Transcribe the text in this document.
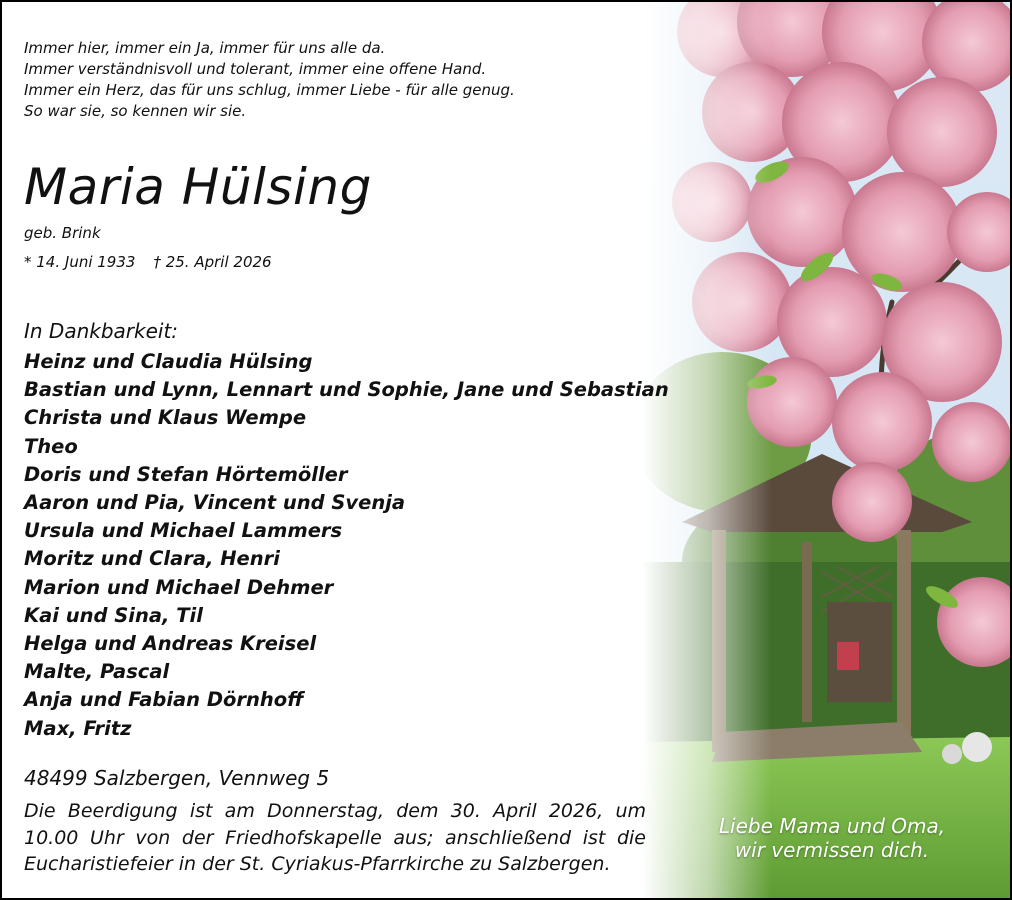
Immer hier, immer ein Ja, immer für uns alle da.
Immer verständnisvoll und tolerant, immer eine offene Hand.
Immer ein Herz, das für uns schlug, immer Liebe - für alle genug.
So war sie, so kennen wir sie.
Maria Hülsing
geb. Brink
* 14. Juni 1933 † 25. April 2026
In Dankbarkeit:
Heinz und Claudia Hülsing
Bastian und Lynn, Lennart und Sophie, Jane und Sebastian
Christa und Klaus Wempe
Theo
Doris und Stefan Hörtemöller
Aaron und Pia, Vincent und Svenja
Ursula und Michael Lammers
Moritz und Clara, Henri
Marion und Michael Dehmer
Kai und Sina, Til
Helga und Andreas Kreisel
Malte, Pascal
Anja und Fabian Dörnhoff
Max, Fritz
48499 Salzbergen, Vennweg 5
Die Beerdigung ist am Donnerstag, dem 30. April 2026, um
10.00 Uhr von der Friedhofskapelle aus; anschließend ist die
Eucharistiefeier in der St. Cyriakus-Pfarrkirche zu Salzbergen.
Liebe Mama und Oma,
wir vermissen dich.
